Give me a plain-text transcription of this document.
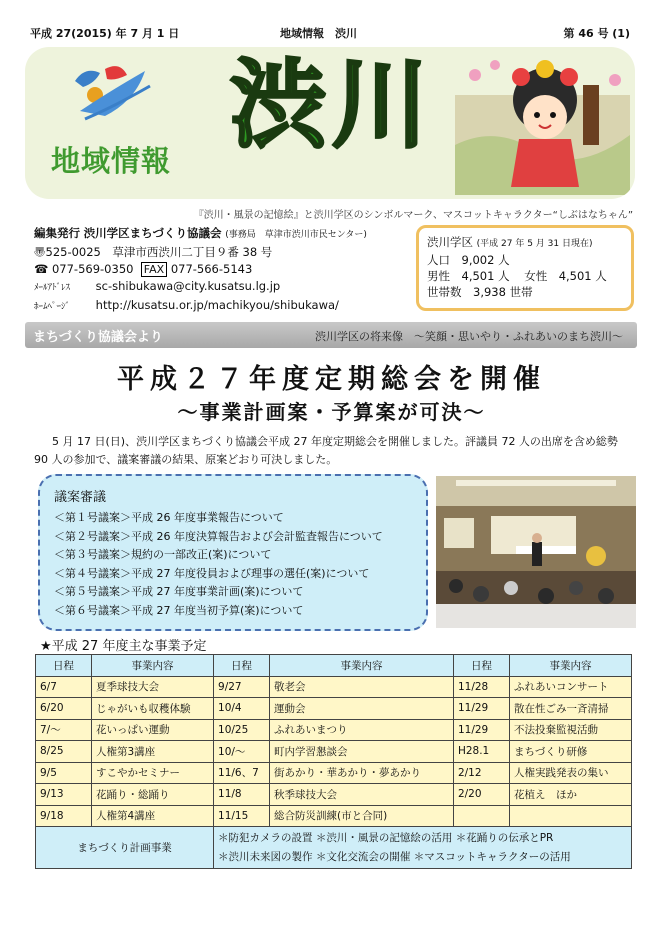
平成 27(2015) 年 7 月 1 日	地域情報　渋川	第 46 号 (1)
地域情報 渋川
『渋川・風景の記憶絵』と渋川学区のシンボルマーク、マスコットキャラクター“しぶはなちゃん”
編集発行 渋川学区まちづくり協議会 (事務局　草津市渋川市民センター)
〠525-0025　草津市西渋川二丁目９番 38 号
☎ 077-569-0350 FAX 077-566-5143
ﾒｰﾙｱﾄﾞﾚｽ sc-shibukawa@city.kusatsu.lg.jp
ﾎｰﾑﾍﾟｰｼﾞ http://kusatsu.or.jp/machikyou/shibukawa/
渋川学区 (平成 27 年 5 月 31 日現在)
人口　9,002 人
男性　4,501 人 女性　4,501 人
世帯数　3,938 世帯
まちづくり協議会より	渋川学区の将来像　～笑顔・思いやり・ふれあいのまち渋川～
平成２７年度定期総会を開催
～事業計画案・予算案が可決～
5 月 17 日(日)、渋川学区まちづくり協議会平成 27 年度定期総会を開催しました。評議員 72 人の出席を含め総勢 90 人の参加で、議案審議の結果、原案どおり可決しました。
議案審議
＜第１号議案＞平成 26 年度事業報告について
＜第２号議案＞平成 26 年度決算報告および会計監査報告について
＜第３号議案＞規約の一部改正(案)について
＜第４号議案＞平成 27 年度役員および理事の選任(案)について
＜第５号議案＞平成 27 年度事業計画(案)について
＜第６号議案＞平成 27 年度当初予算(案)について
★平成 27 年度主な事業予定
日程	事業内容	日程	事業内容	日程	事業内容
6/7	夏季球技大会	9/27	敬老会	11/28	ふれあいコンサート
6/20	じゃがいも収穫体験	10/4	運動会	11/29	散在性ごみ一斉清掃
7/～	花いっぱい運動	10/25	ふれあいまつり	11/29	不法投棄監視活動
8/25	人権第3講座	10/～	町内学習懇談会	H28.1	まちづくり研修
9/5	すこやかセミナー	11/6、7	街あかり・華あかり・夢あかり	2/12	人権実践発表の集い
9/13	花踊り・総踊り	11/8	秋季球技大会	2/20	花植え　ほか
9/18	人権第4講座	11/15	総合防災訓練(市と合同)		
まちづくり計画事業		＊防犯カメラの設置 ＊渋川・風景の記憶絵の活用 ＊花踊りの伝承とPR
＊渋川未来図の製作 ＊文化交流会の開催 ＊マスコットキャラクターの活用			
